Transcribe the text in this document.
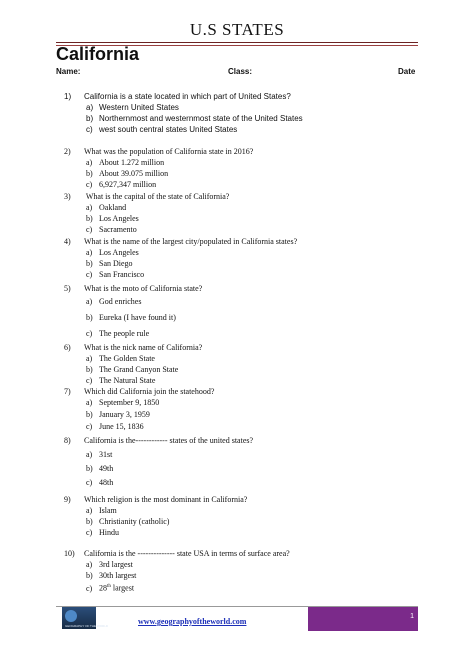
U.S STATES
California
Name:	Class:	Date
1) California is a state located in which part of United States?
a) Western United States
b) Northernmost and westernmost state of the United States
c) west south central states United States
2) What was the population of California state in 2016?
a) About 1.272 million
b) About 39.075 million
c) 6,927,347 million
3) What is the capital of the state of California?
a) Oakland
b) Los Angeles
c) Sacramento
4) What is the name of the largest city/populated in California states?
a) Los Angeles
b) San Diego
c) San Francisco
5) What is the moto of California state?
a) God enriches
b) Eureka (I have found it)
c) The people rule
6) What is the nick name of California?
a) The Golden State
b) The Grand Canyon State
c) The Natural State
7) Which did California join the statehood?
a) September 9, 1850
b) January 3, 1959
c) June 15, 1836
8) California is the------------ states of the united states?
a) 31st
b) 49th
c) 48th
9) Which religion is the most dominant in California?
a) Islam
b) Christianity (catholic)
c) Hindu
10) California is the -------------- state USA in terms of surface area?
a) 3rd largest
b) 30th largest
c) 28th largest
GEOGRAPHY OF THE WORLD	www.geographyoftheworld.com
1
